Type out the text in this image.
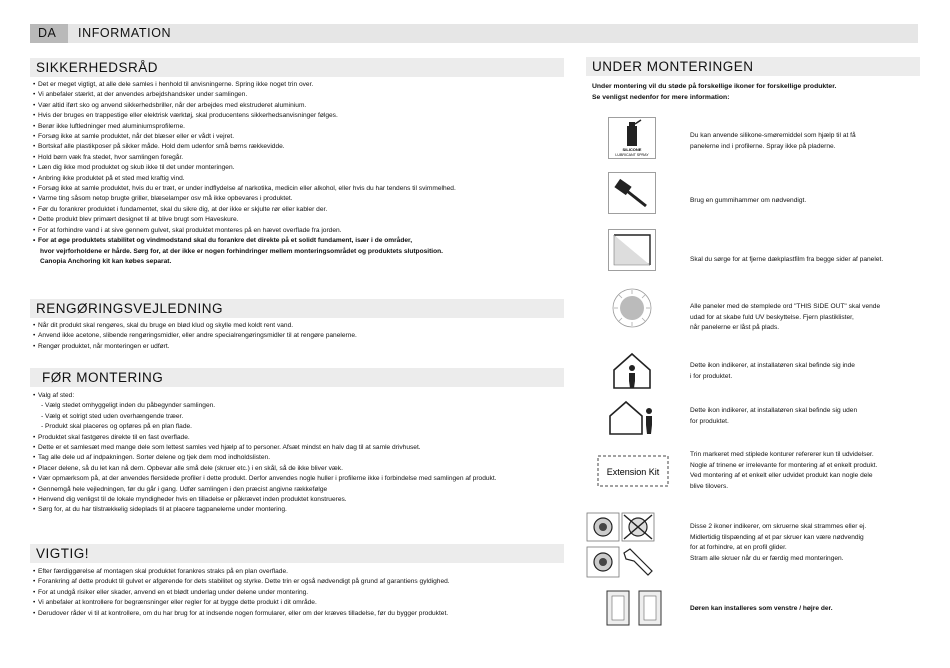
DA	INFORMATION
SIKKERHEDSRÅD
• Det er meget vigtigt, at alle dele samles i henhold til anvisningerne. Spring ikke noget trin over.
• Vi anbefaler stærkt, at der anvendes arbejdshandsker under samlingen.
• Vær altid iført sko og anvend sikkerhedsbriller, når der arbejdes med ekstruderet aluminium.
• Hvis der bruges en trappestige eller elektrisk værktøj, skal producentens sikkerhedsanvisninger følges.
• Berør ikke luftledninger med aluminiumsprofilerne.
• Forsøg ikke at samle produktet, når det blæser eller er vådt i vejret.
• Bortskaf alle plastikposer på sikker måde. Hold dem udenfor små børns rækkevidde.
• Hold børn væk fra stedet, hvor samlingen foregår.
• Læn dig ikke mod produktet og skub ikke til det under monteringen.
• Anbring ikke produktet på et sted med kraftig vind.
• Forsøg ikke at samle produktet, hvis du er træt, er under indflydelse af narkotika, medicin eller alkohol, eller hvis du har tendens til svimmelhed.
• Varme ting såsom netop brugte griller, blæselamper osv må ikke opbevares i produktet.
• Før du forankrer produktet i fundamentet, skal du sikre dig, at der ikke er skjulte rør eller kabler der.
• Dette produkt blev primært designet til at blive brugt som Haveskure.
• For at forhindre vand i at sive gennem gulvet, skal produktet monteres på en hævet overflade fra jorden.
• For at øge produktets stabilitet og vindmodstand skal du forankre det direkte på et solidt fundament, især i de områder,
hvor vejrforholdene er hårde. Sørg for, at der ikke er nogen forhindringer mellem monteringsområdet og produktets slutposition.
Canopia Anchoring kit kan købes separat.
RENGØRINGSVEJLEDNING
• Når dit produkt skal rengøres, skal du bruge en blød klud og skylle med koldt rent vand.
• Anvend ikke acetone, slibende rengøringsmidler, eller andre specialrengøringsmidler til at rengøre panelerne.
• Rengør produktet, når monteringen er udført.
FØR MONTERING
• Valg af sted:
- Vælg stedet omhyggeligt inden du påbegynder samlingen.
- Vælg et solrigt sted uden overhængende træer.
- Produkt skal placeres og opføres på en plan flade.
• Produktet skal fastgøres direkte til en fast overflade.
• Dette er et samlesæt med mange dele som lettest samles ved hjælp af to personer. Afsæt mindst en halv dag til at samle drivhuset.
• Tag alle dele ud af indpakningen. Sorter delene og tjek dem mod indholdslisten.
• Placer delene, så du let kan nå dem. Opbevar alle små dele (skruer etc.) i en skål, så de ikke bliver væk.
• Vær opmærksom på, at der anvendes flersidede profiler i dette produkt. Derfor anvendes nogle huller i profilerne ikke i forbindelse med samlingen af produkt.
• Gennemgå hele vejledningen, før du går i gang. Udfør samlingen i den præcist angivne rækkefølge
• Henvend dig venligst til de lokale myndigheder hvis en tilladelse er påkrævet inden produktet konstrueres.
• Sørg for, at du har tilstrækkelig sideplads til at placere tagpanelerne under montering.
VIGTIG!
• Efter færdiggørelse af montagen skal produktet forankres straks på en plan overflade.
• Forankring af dette produkt til gulvet er afgørende for dets stabilitet og styrke. Dette trin er også nødvendigt på grund af garantiens gyldighed.
• For at undgå risiker eller skader, anvend en et blødt underlag under delene under montering.
• Vi anbefaler at kontrollere for begrænsninger eller regler for at bygge dette produkt i dit område.
• Derudover råder vi til at kontrollere, om du har brug for at indsende nogen formularer, eller om der kræves tilladelse, før du bygger produktet.
UNDER MONTERINGEN
Under montering vil du støde på forskellige ikoner for forskellige produkter.
Se venligst nedenfor for mere information:
SILICONE
LUBRICANT SPRAY
Extension Kit
Du kan anvende silikone-smøremiddel som hjælp til at få
panelerne ind i profilerne. Spray ikke på pladerne.
Brug en gummihammer om nødvendigt.
Skal du sørge for at fjerne dækplastfilm fra begge sider af panelet.
Alle paneler med de stemplede ord "THIS SIDE OUT" skal vende
udad for at skabe fuld UV beskyttelse. Fjern plastiklister,
når panelerne er låst på plads.
Dette ikon indikerer, at installatøren skal befinde sig inde
i for produktet.
Dette ikon indikerer, at installatøren skal befinde sig uden
for produktet.
Trin markeret med stiplede konturer refererer kun til udvidelser.
Nogle af trinene er irrelevante for montering af et enkelt produkt.
Ved montering af et enkelt eller udvidet produkt kan nogle dele
blive tilovers.
Disse 2 ikoner indikerer, om skruerne skal strammes eller ej.
Midlertidig tilspænding af et par skruer kan være nødvendig
for at forhindre, at en profil glider.
Stram alle skruer når du er færdig med monteringen.
Døren kan installeres som venstre / højre der.
